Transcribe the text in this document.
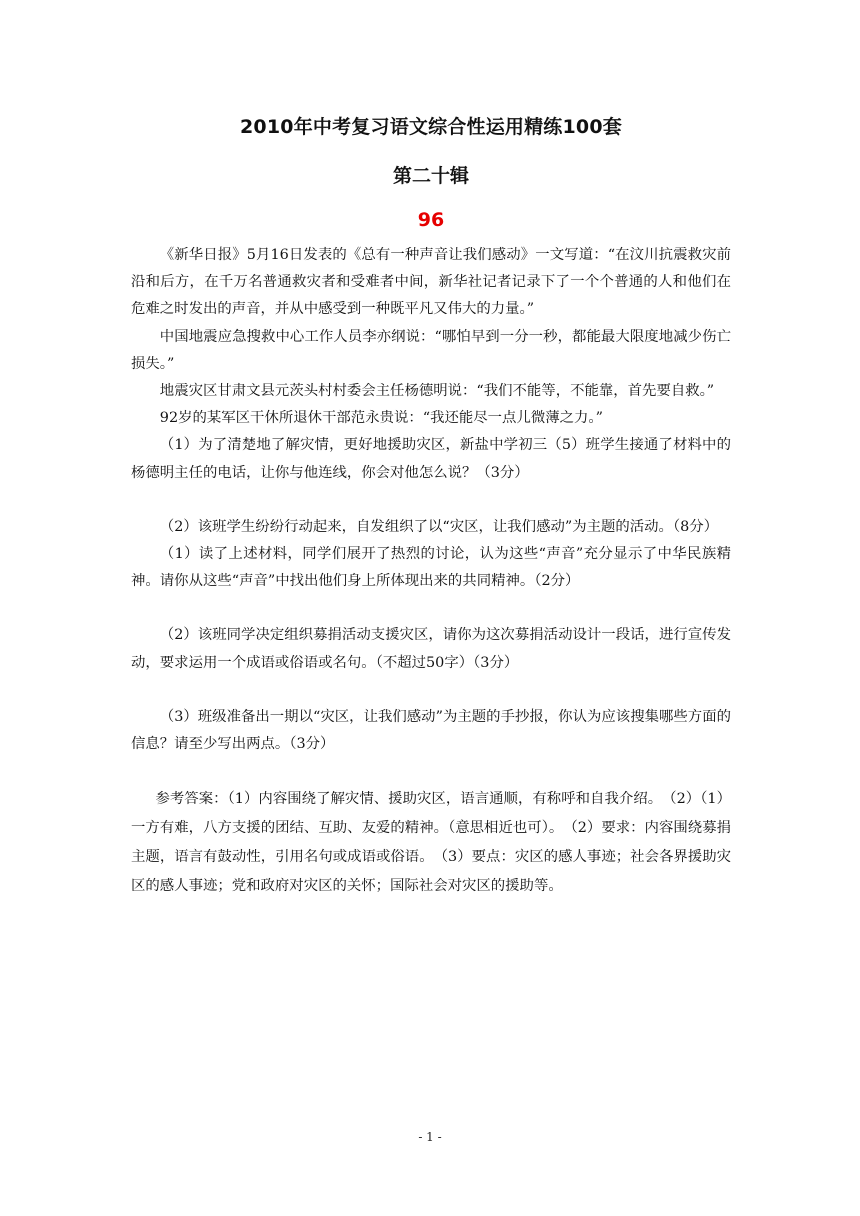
2010年中考复习语文综合性运用精练100套
第二十辑
96

《新华日报》5月16日发表的《总有一种声音让我们感动》一文写道：“在汶川抗震救灾前沿和后方，在千万名普通救灾者和受难者中间，新华社记者记录下了一个个普通的人和他们在危难之时发出的声音，并从中感受到一种既平凡又伟大的力量。”

中国地震应急搜救中心工作人员李亦纲说：“哪怕早到一分一秒，都能最大限度地减少伤亡损失。”

地震灾区甘肃文县元茨头村村委会主任杨德明说：“我们不能等，不能靠，首先要自救。”

92岁的某军区干休所退休干部范永贵说：“我还能尽一点儿微薄之力。”

（1）为了清楚地了解灾情，更好地援助灾区，新盐中学初三（5）班学生接通了材料中的杨德明主任的电话，让你与他连线，你会对他怎么说？（3分）

（2）该班学生纷纷行动起来，自发组织了以“灾区，让我们感动”为主题的活动。（8分）

（1）读了上述材料，同学们展开了热烈的讨论，认为这些“声音”充分显示了中华民族精神。请你从这些“声音”中找出他们身上所体现出来的共同精神。（2分）

（2）该班同学决定组织募捐活动支援灾区，请你为这次募捐活动设计一段话，进行宣传发动，要求运用一个成语或俗语或名句。（不超过50字）（3分）

（3）班级准备出一期以“灾区，让我们感动”为主题的手抄报，你认为应该搜集哪些方面的信息？请至少写出两点。（3分）

参考答案：（1）内容围绕了解灾情、援助灾区，语言通顺，有称呼和自我介绍。　（2）（1）一方有难，八方支援的团结、互助、友爱的精神。（意思相近也可）。　（2）要求：内容围绕募捐主题，语言有鼓动性，引用名句或成语或俗语。　（3）要点：灾区的感人事迹；社会各界援助灾区的感人事迹；党和政府对灾区的关怀；国际社会对灾区的援助等。

- 1 -
